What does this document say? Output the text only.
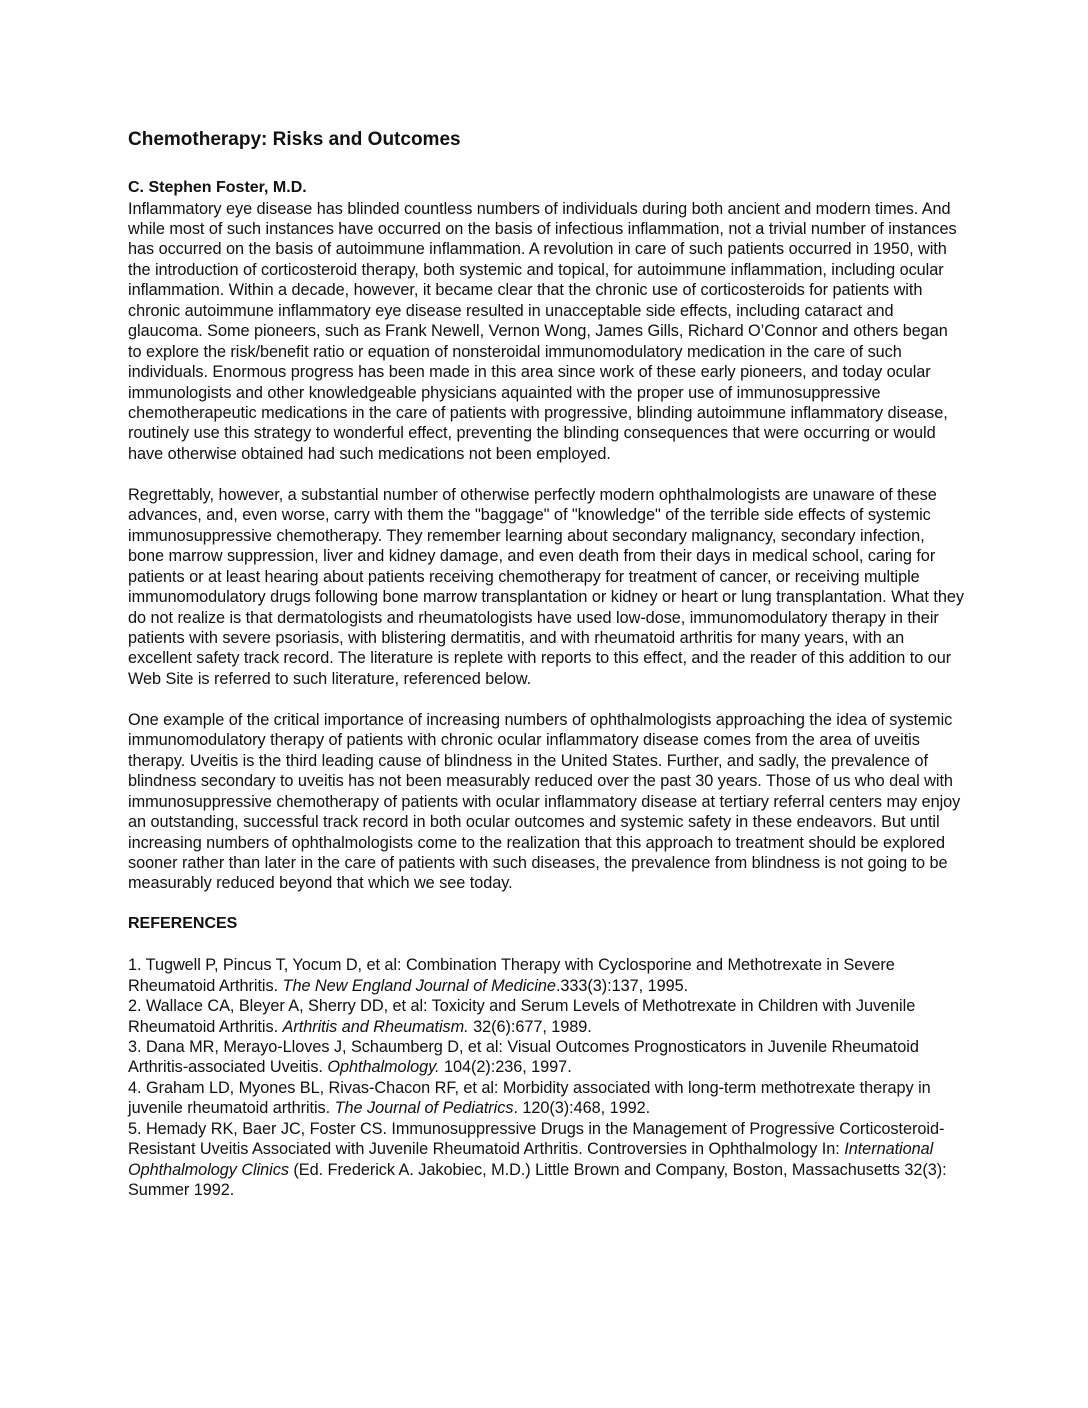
Chemotherapy: Risks and Outcomes
C. Stephen Foster, M.D.

Inflammatory eye disease has blinded countless numbers of individuals during both ancient and modern times. And while most of such instances have occurred on the basis of infectious inflammation, not a trivial number of instances has occurred on the basis of autoimmune inflammation. A revolution in care of such patients occurred in 1950, with the introduction of corticosteroid therapy, both systemic and topical, for autoimmune inflammation, including ocular inflammation. Within a decade, however, it became clear that the chronic use of corticosteroids for patients with chronic autoimmune inflammatory eye disease resulted in unacceptable side effects, including cataract and glaucoma. Some pioneers, such as Frank Newell, Vernon Wong, James Gills, Richard O’Connor and others began to explore the risk/benefit ratio or equation of nonsteroidal immunomodulatory medication in the care of such individuals. Enormous progress has been made in this area since work of these early pioneers, and today ocular immunologists and other knowledgeable physicians aquainted with the proper use of immunosuppressive chemotherapeutic medications in the care of patients with progressive, blinding autoimmune inflammatory disease, routinely use this strategy to wonderful effect, preventing the blinding consequences that were occurring or would have otherwise obtained had such medications not been employed.

Regrettably, however, a substantial number of otherwise perfectly modern ophthalmologists are unaware of these advances, and, even worse, carry with them the "baggage" of "knowledge" of the terrible side effects of systemic immunosuppressive chemotherapy. They remember learning about secondary malignancy, secondary infection, bone marrow suppression, liver and kidney damage, and even death from their days in medical school, caring for patients or at least hearing about patients receiving chemotherapy for treatment of cancer, or receiving multiple immunomodulatory drugs following bone marrow transplantation or kidney or heart or lung transplantation. What they do not realize is that dermatologists and rheumatologists have used low-dose, immunomodulatory therapy in their patients with severe psoriasis, with blistering dermatitis, and with rheumatoid arthritis for many years, with an excellent safety track record. The literature is replete with reports to this effect, and the reader of this addition to our Web Site is referred to such literature, referenced below.

One example of the critical importance of increasing numbers of ophthalmologists approaching the idea of systemic immunomodulatory therapy of patients with chronic ocular inflammatory disease comes from the area of uveitis therapy. Uveitis is the third leading cause of blindness in the United States. Further, and sadly, the prevalence of blindness secondary to uveitis has not been measurably reduced over the past 30 years. Those of us who deal with immunosuppressive chemotherapy of patients with ocular inflammatory disease at tertiary referral centers may enjoy an outstanding, successful track record in both ocular outcomes and systemic safety in these endeavors. But until increasing numbers of ophthalmologists come to the realization that this approach to treatment should be explored sooner rather than later in the care of patients with such diseases, the prevalence from blindness is not going to be measurably reduced beyond that which we see today.

REFERENCES
1. Tugwell P, Pincus T, Yocum D, et al: Combination Therapy with Cyclosporine and Methotrexate in Severe Rheumatoid Arthritis. The New England Journal of Medicine.333(3):137, 1995.
2. Wallace CA, Bleyer A, Sherry DD, et al: Toxicity and Serum Levels of Methotrexate in Children with Juvenile Rheumatoid Arthritis. Arthritis and Rheumatism. 32(6):677, 1989.
3. Dana MR, Merayo-Lloves J, Schaumberg D, et al: Visual Outcomes Prognosticators in Juvenile Rheumatoid Arthritis-associated Uveitis. Ophthalmology. 104(2):236, 1997.
4. Graham LD, Myones BL, Rivas-Chacon RF, et al: Morbidity associated with long-term methotrexate therapy in juvenile rheumatoid arthritis. The Journal of Pediatrics. 120(3):468, 1992.
5. Hemady RK, Baer JC, Foster CS. Immunosuppressive Drugs in the Management of Progressive Corticosteroid-Resistant Uveitis Associated with Juvenile Rheumatoid Arthritis. Controversies in Ophthalmology In: International Ophthalmology Clinics (Ed. Frederick A. Jakobiec, M.D.) Little Brown and Company, Boston, Massachusetts 32(3): Summer 1992.
